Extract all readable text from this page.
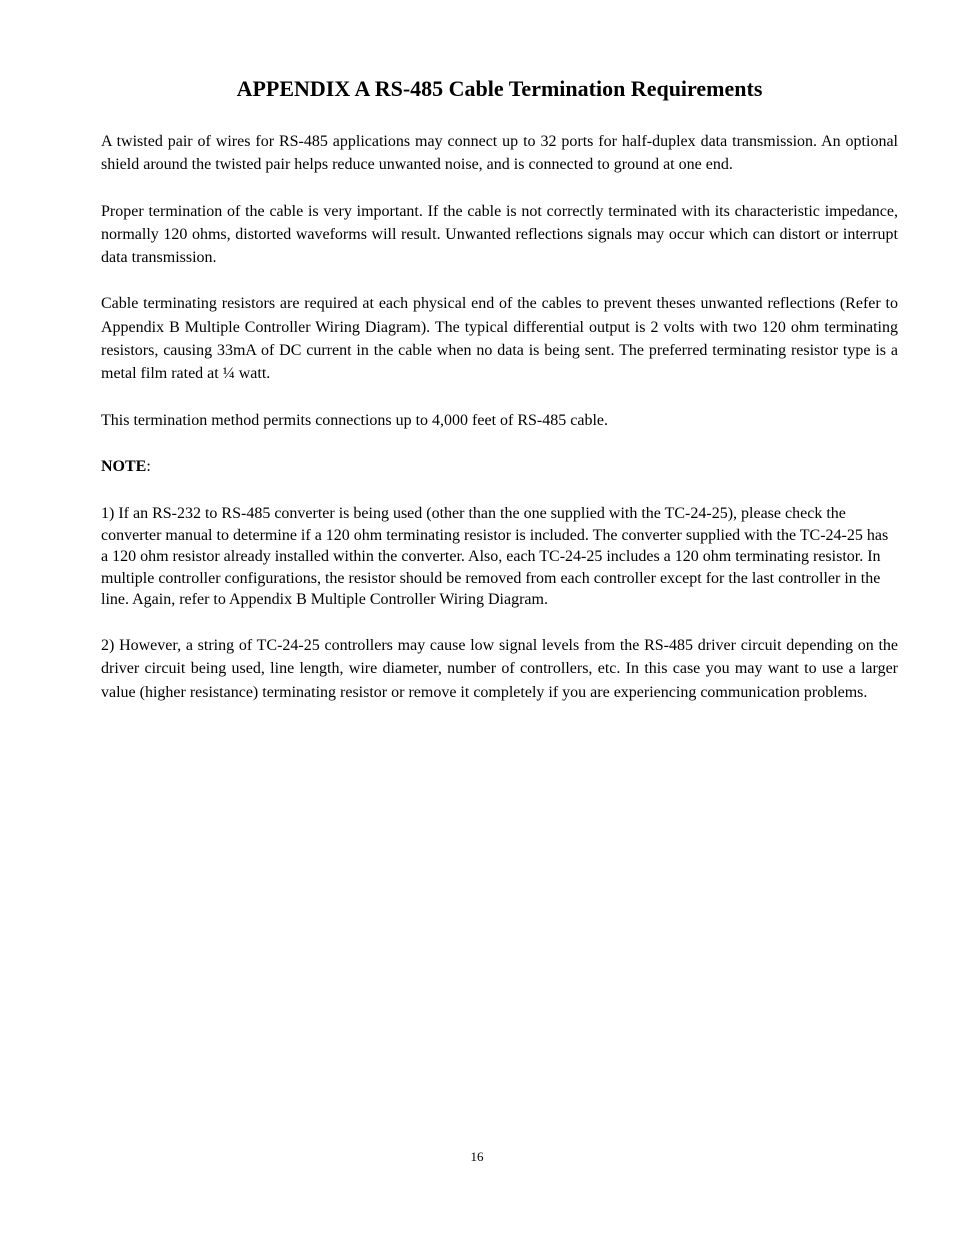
APPENDIX A RS-485 Cable Termination Requirements

A twisted pair of wires for RS-485 applications may connect up to 32 ports for half-duplex data transmission. An optional shield around the twisted pair helps reduce unwanted noise, and is connected to ground at one end.

Proper termination of the cable is very important. If the cable is not correctly terminated with its characteristic impedance, normally 120 ohms, distorted waveforms will result. Unwanted reflections signals may occur which can distort or interrupt data transmission.

Cable terminating resistors are required at each physical end of the cables to prevent theses unwanted reflections (Refer to Appendix B Multiple Controller Wiring Diagram). The typical differential output is 2 volts with two 120 ohm terminating resistors, causing 33mA of DC current in the cable when no data is being sent. The preferred terminating resistor type is a metal film rated at ¼ watt.

This termination method permits connections up to 4,000 feet of RS-485 cable.

NOTE:

1) If an RS-232 to RS-485 converter is being used (other than the one supplied with the TC-24-25), please check the converter manual to determine if a 120 ohm terminating resistor is included. The converter supplied with the TC-24-25 has a 120 ohm resistor already installed within the converter. Also, each TC-24-25 includes a 120 ohm terminating resistor. In multiple controller configurations, the resistor should be removed from each controller except for the last controller in the line. Again, refer to Appendix B Multiple Controller Wiring Diagram.

2) However, a string of TC-24-25 controllers may cause low signal levels from the RS-485 driver circuit depending on the driver circuit being used, line length, wire diameter, number of controllers, etc. In this case you may want to use a larger value (higher resistance) terminating resistor or remove it completely if you are experiencing communication problems.

16
